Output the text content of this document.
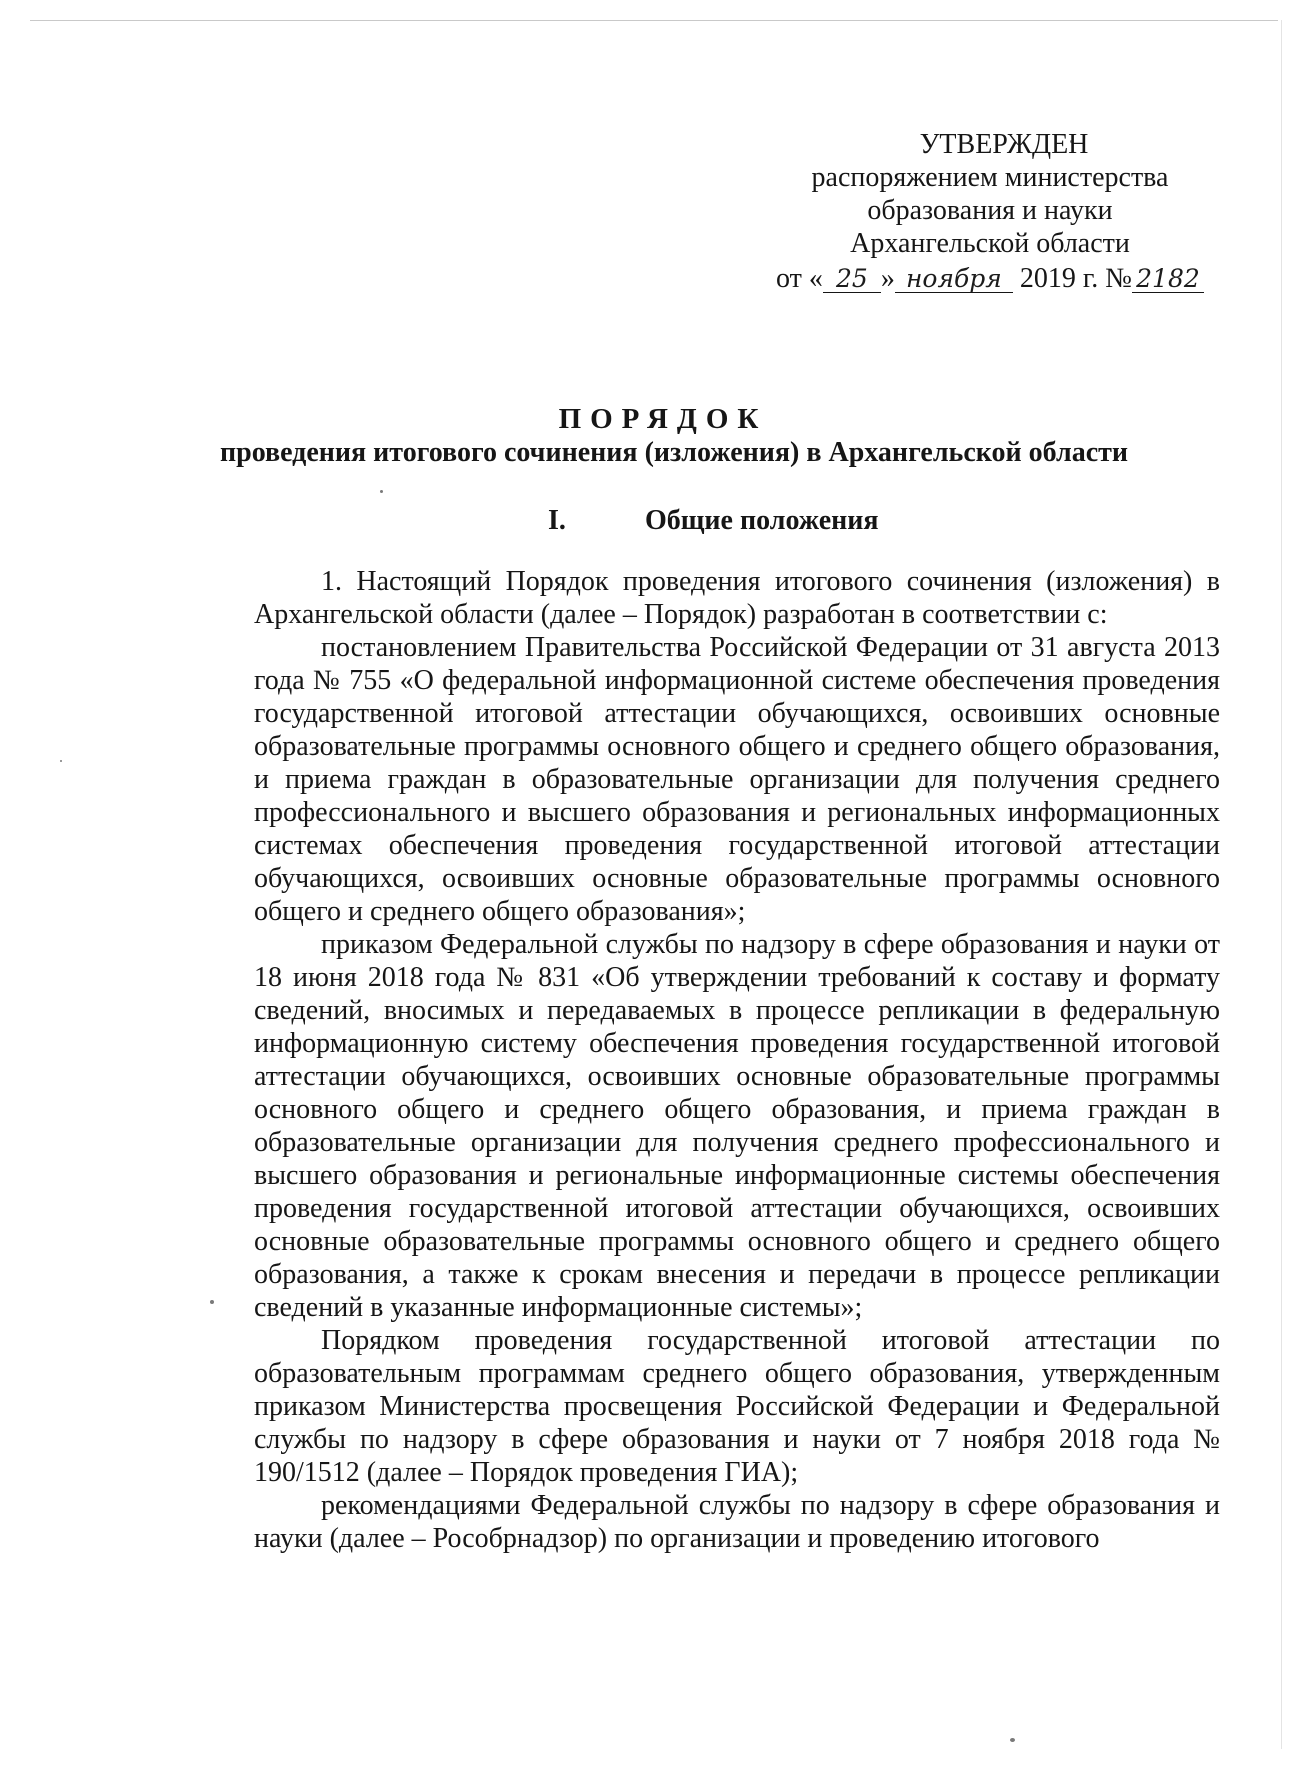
УТВЕРЖДЕН
распоряжением министерства
образования и науки
Архангельской области
от « 25 » ноября 2019 г. № 2182
ПОРЯДОК
проведения итогового сочинения (изложения) в Архангельской области
I.	Общие положения

1. Настоящий Порядок проведения итогового сочинения (изложения) в Архангельской области (далее – Порядок) разработан в соответствии с:

постановлением Правительства Российской Федерации от 31 августа 2013 года № 755 «О федеральной информационной системе обеспечения проведения государственной итоговой аттестации обучающихся, освоивших основные образовательные программы основного общего и среднего общего образования, и приема граждан в образовательные организации для получения среднего профессионального и высшего образования и региональных информационных системах обеспечения проведения государственной итоговой аттестации обучающихся, освоивших основные образовательные программы основного общего и среднего общего образования»;

приказом Федеральной службы по надзору в сфере образования и науки от 18 июня 2018 года № 831 «Об утверждении требований к составу и формату сведений, вносимых и передаваемых в процессе репликации в федеральную информационную систему обеспечения проведения государственной итоговой аттестации обучающихся, освоивших основные образовательные программы основного общего и среднего общего образования, и приема граждан в образовательные организации для получения среднего профессионального и высшего образования и региональные информационные системы обеспечения проведения государственной итоговой аттестации обучающихся, освоивших основные образовательные программы основного общего и среднего общего образования, а также к срокам внесения и передачи в процессе репликации сведений в указанные информационные системы»;

Порядком проведения государственной итоговой аттестации по образовательным программам среднего общего образования, утвержденным приказом Министерства просвещения Российской Федерации и Федеральной службы по надзору в сфере образования и науки от 7 ноября 2018 года № 190/1512 (далее – Порядок проведения ГИА);

рекомендациями Федеральной службы по надзору в сфере образования и науки (далее – Рособрнадзор) по организации и проведению итогового
